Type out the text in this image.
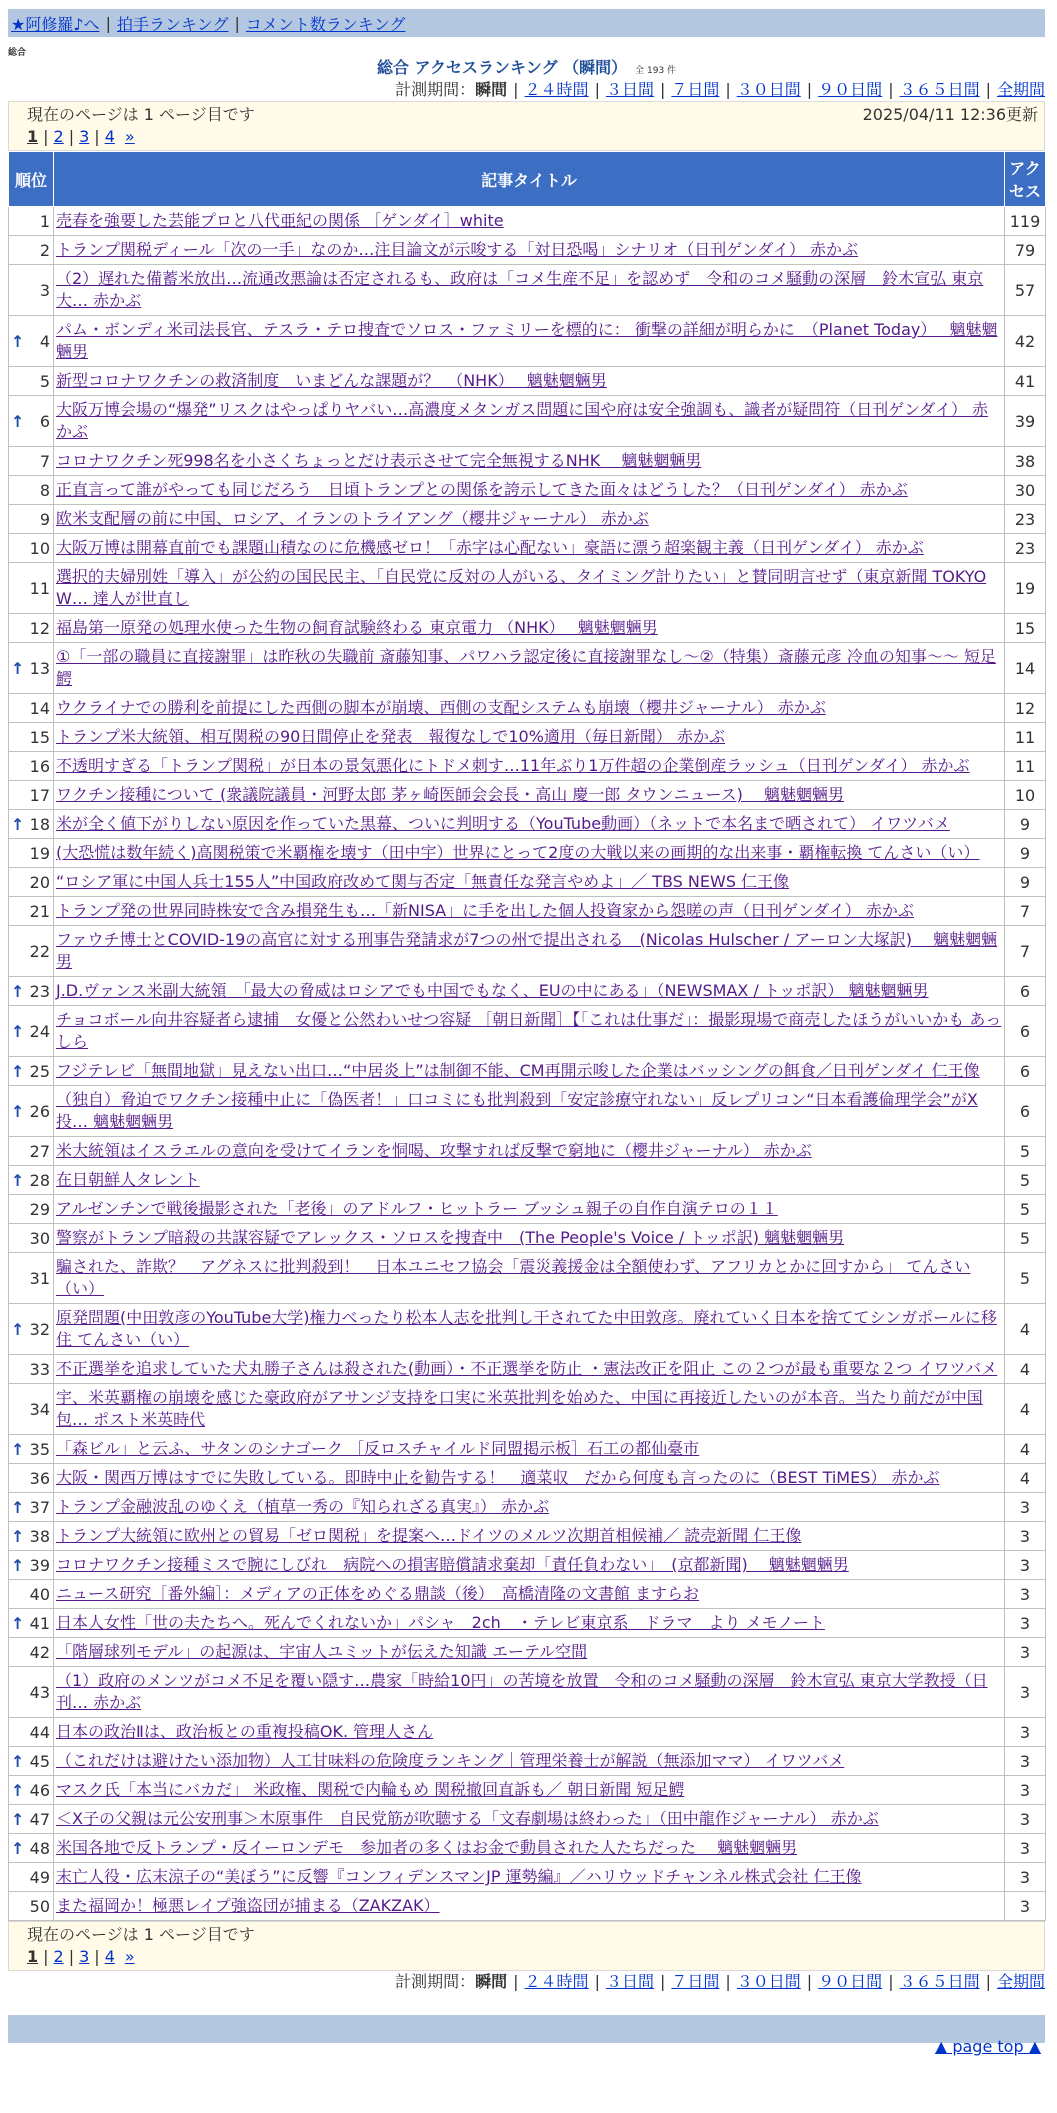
★阿修羅♪へ | 拍手ランキング | コメント数ランキング
総合
総合 アクセスランキング （瞬間） 全 193 件
計測期間：瞬間 | ２４時間 | ３日間 | ７日間 | ３０日間 | ９０日間 | ３６５日間 | 全期間
現在のページは 1 ページ目です	2025/04/11 12:36更新
1 | 2 | 3 | 4 »
順位	記事タイトル	アクセス
1	売春を強要した芸能プロと八代亜紀の関係 ［ゲンダイ］white	119
2	トランプ関税ディール「次の一手」なのか…注目論文が示唆する「対日恐喝」シナリオ（日刊ゲンダイ） 赤かぶ	79
3	（2）遅れた備蓄米放出…流通改悪論は否定されるも、政府は「コメ生産不足」を認めず　令和のコメ騒動の深層　鈴木宣弘 東京大… 赤かぶ	57

↑ 4	パム・ボンディ米司法長官、テスラ・テロ捜査でソロス・ファミリーを標的に： 衝撃の詳細が明らかに　（Planet Today）　 魑魅魍魎男	42
5	新型コロナワクチンの救済制度　いまどんな課題が？　（NHK）　 魑魅魍魎男	41

↑ 6	大阪万博会場の“爆発”リスクはやっぱりヤバい…高濃度メタンガス問題に国や府は安全強調も、識者が疑問符（日刊ゲンダイ） 赤かぶ	39
7	コロナワクチン死998名を小さくちょっとだけ表示させて完全無視するNHK　 魑魅魍魎男	38
8	正直言って誰がやっても同じだろう　日頃トランプとの関係を誇示してきた面々はどうした？（日刊ゲンダイ） 赤かぶ	30
9	欧米支配層の前に中国、ロシア、イランのトライアング（櫻井ジャーナル） 赤かぶ	23
10	大阪万博は開幕直前でも課題山積なのに危機感ゼロ！「赤字は心配ない」豪語に漂う超楽観主義（日刊ゲンダイ） 赤かぶ	23
11	選択的夫婦別姓「導入」が公約の国民民主、「自民党に反対の人がいる、タイミング計りたい」と賛同明言せず（東京新聞 TOKYO W… 達人が世直し	19
12	福島第一原発の処理水使った生物の飼育試験終わる 東京電力 （NHK）　 魑魅魍魎男	15

↑ 13	①「一部の職員に直接謝罪」は昨秋の失職前 斎藤知事、パワハラ認定後に直接謝罪なし～②（特集）斎藤元彦 冷血の知事～～ 短足鰐	14
14	ウクライナでの勝利を前提にした西側の脚本が崩壊、西側の支配システムも崩壊（櫻井ジャーナル） 赤かぶ	12
15	トランプ米大統領、相互関税の90日間停止を発表　報復なしで10%適用（毎日新聞） 赤かぶ	11
16	不透明すぎる「トランプ関税」が日本の景気悪化にトドメ刺す…11年ぶり1万件超の企業倒産ラッシュ（日刊ゲンダイ） 赤かぶ	11
17	ワクチン接種について (衆議院議員・河野太郎 茅ヶ崎医師会会長・高山 慶一郎 タウンニュース)　 魑魅魍魎男	10

↑ 18	米が全く値下がりしない原因を作っていた黒幕、ついに判明する（YouTube動画）（ネットで本名まで晒されて） イワツバメ	9
19	(大恐慌は数年続く)高関税策で米覇権を壊す（田中宇）世界にとって2度の大戦以来の画期的な出来事・覇権転換 てんさい（い）	9
20	“ロシア軍に中国人兵士155人”中国政府改めて関与否定「無責任な発言やめよ」／ TBS NEWS 仁王像	9
21	トランプ発の世界同時株安で含み損発生も…「新NISA」に手を出した個人投資家から怨嗟の声（日刊ゲンダイ） 赤かぶ	7
22	ファウチ博士とCOVID-19の高官に対する刑事告発請求が7つの州で提出される　(Nicolas Hulscher / アーロン大塚訳)　 魑魅魍魎男	7

↑ 23	J.D.ヴァンス米副大統領　「最大の脅威はロシアでも中国でもなく、EUの中にある」（NEWSMAX / トッポ訳） 魑魅魍魎男	6

↑ 24	チョコボール向井容疑者ら逮捕　女優と公然わいせつ容疑 ［朝日新聞］【「これは仕事だ」：撮影現場で商売したほうがいいかも あっしら	6

↑ 25	フジテレビ「無間地獄」見えない出口…“中居炎上”は制御不能、CM再開示唆した企業はバッシングの餌食／日刊ゲンダイ 仁王像	6

↑ 26	（独自）脅迫でワクチン接種中止に「偽医者！」口コミにも批判殺到「安定診療守れない」反レプリコン“日本看護倫理学会”がX投… 魑魅魍魎男	6
27	米大統領はイスラエルの意向を受けてイランを恫喝、攻撃すれば反撃で窮地に（櫻井ジャーナル） 赤かぶ	5

↑ 28	在日朝鮮人タレント	5
29	アルゼンチンで戦後撮影された「老後」のアドルフ・ヒットラー ブッシュ親子の自作自演テロの１１	5
30	警察がトランプ暗殺の共謀容疑でアレックス・ソロスを捜査中　(The People's Voice / トッポ訳) 魑魅魍魎男	5
31	騙された、詐欺？　アグネスに批判殺到！　日本ユニセフ協会「震災義援金は全額使わず、アフリカとかに回すから」 てんさい（い）	5

↑ 32	原発問題(中田敦彦のYouTube大学)権力べったり松本人志を批判し干されてた中田敦彦。廃れていく日本を捨ててシンガポールに移住 てんさい（い）	4
33	不正選挙を追求していた犬丸勝子さんは殺された(動画）・不正選挙を防止 ・憲法改正を阻止 この２つが最も重要な２つ イワツバメ	4
34	宇、米英覇権の崩壊を感じた豪政府がアサンジ支持を口実に米英批判を始めた、中国に再接近したいのが本音。当たり前だが中国包… ポスト米英時代	4

↑ 35	「森ビル」と云ふ、サタンのシナゴーク ［反ロスチャイルド同盟掲示板］石工の都仙臺市	4
36	大阪・関西万博はすでに失敗している。即時中止を勧告する！　適菜収　だから何度も言ったのに（BEST TiMES） 赤かぶ	4

↑ 37	トランプ金融波乱のゆくえ（植草一秀の『知られざる真実』） 赤かぶ	3

↑ 38	トランプ大統領に欧州との貿易「ゼロ関税」を提案へ…ドイツのメルツ次期首相候補／ 読売新聞 仁王像	3

↑ 39	コロナワクチン接種ミスで腕にしびれ　病院への損害賠償請求棄却「責任負わない」　(京都新聞)　 魑魅魍魎男	3
40	ニュース研究［番外編］：メディアの正体をめぐる鼎談（後）　高橋清隆の文書館 ますらお	3

↑ 41	日本人女性「世の夫たちへ。死んでくれないか」パシャ　2ch　・テレビ東京系　ドラマ　より メモノート	3
42	「階層球列モデル」の起源は、宇宙人ユミットが伝えた知識 エーテル空間	3
43	（1）政府のメンツがコメ不足を覆い隠す…農家「時給10円」の苦境を放置　令和のコメ騒動の深層　鈴木宣弘 東京大学教授（日刊… 赤かぶ	3
44	日本の政治Ⅱは、政治板との重複投稿OK. 管理人さん	3

↑ 45	（これだけは避けたい添加物）人工甘味料の危険度ランキング｜管理栄養士が解説（無添加ママ） イワツバメ	3

↑ 46	マスク氏「本当にバカだ」 米政権、関税で内輪もめ 関税撤回直訴も／ 朝日新聞 短足鰐	3

↑ 47	＜X子の父親は元公安刑事＞木原事件　自民党筋が吹聴する「文春劇場は終わった」（田中龍作ジャーナル） 赤かぶ	3

↑ 48	米国各地で反トランプ・反イーロンデモ　参加者の多くはお金で動員された人たちだった　 魑魅魍魎男	3
49	末亡人役・広末涼子の“美ぼう”に反響『コンフィデンスマンJP 運勢編』／ハリウッドチャンネル株式会社 仁王像	3
50	また福岡か！極悪レイプ強盗団が捕まる（ZAKZAK）	3
現在のページは 1 ページ目です
1 | 2 | 3 | 4 »
計測期間：瞬間 | ２４時間 | ３日間 | ７日間 | ３０日間 | ９０日間 | ３６５日間 | 全期間
▲ page top ▲
